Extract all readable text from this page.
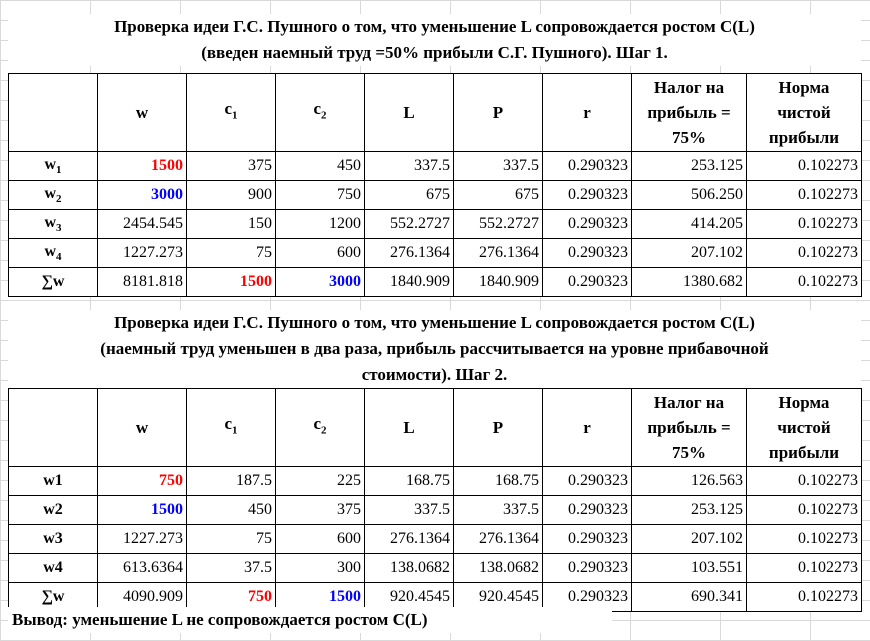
Проверка идеи Г.С. Пушного о том, что уменьшение L сопровождается ростом C(L)
(введен наемный труд =50% прибыли С.Г. Пушного). Шаг 1.
	w	$c_1$	$c_2$	L	P	r	Налог на прибыль = 75%	Норма чистой прибыли
$w_1$	1500	375	450	337.5	337.5	0.290323	253.125	0.102273
$w_2$	3000	900	750	675	675	0.290323	506.250	0.102273
$w_3$	2454.545	150	1200	552.2727	552.2727	0.290323	414.205	0.102273
$w_4$	1227.273	75	600	276.1364	276.1364	0.290323	207.102	0.102273
∑w	8181.818	1500	3000	1840.909	1840.909	0.290323	1380.682	0.102273
Проверка идеи Г.С. Пушного о том, что уменьшение L сопровождается ростом C(L)
(наемный труд уменьшен в два раза, прибыль рассчитывается на уровне прибавочной
стоимости). Шаг 2.
	w	$c_1$	$c_2$	L	P	r	Налог на прибыль = 75%	Норма чистой прибыли
w1	750	187.5	225	168.75	168.75	0.290323	126.563	0.102273
w2	1500	450	375	337.5	337.5	0.290323	253.125	0.102273
w3	1227.273	75	600	276.1364	276.1364	0.290323	207.102	0.102273
w4	613.6364	37.5	300	138.0682	138.0682	0.290323	103.551	0.102273
∑w	4090.909	750	1500	920.4545	920.4545	0.290323	690.341	0.102273
Вывод: уменьшение L не сопровождается ростом C(L)
